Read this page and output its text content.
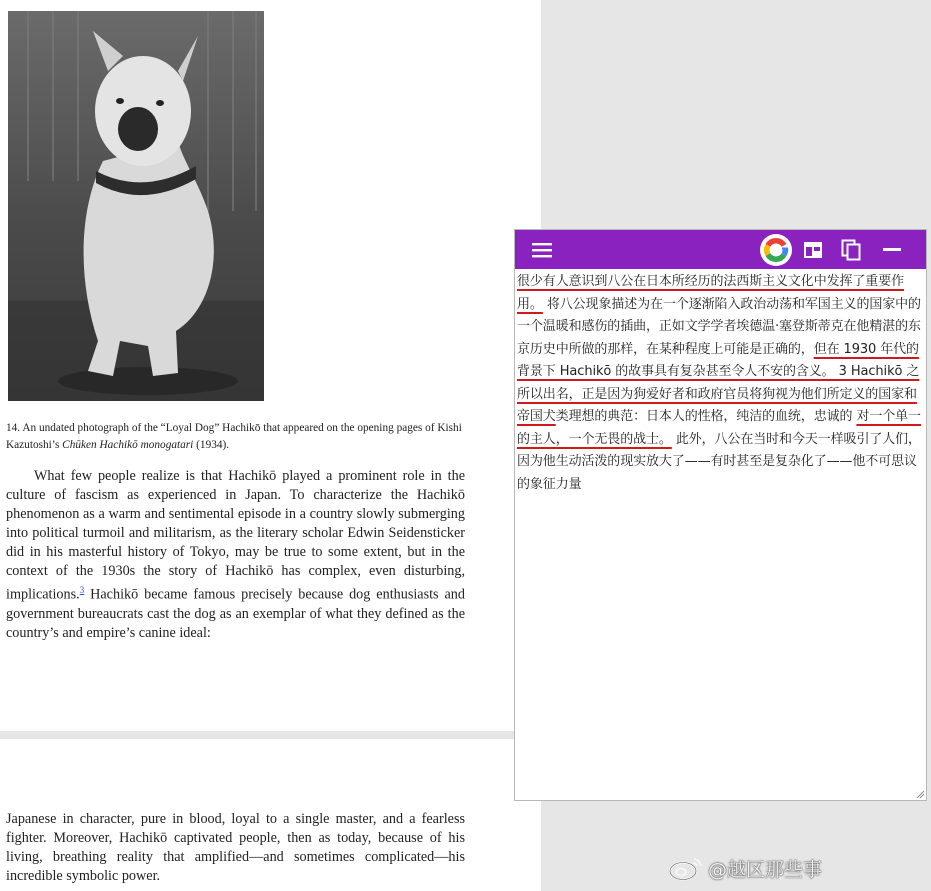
14. An undated photograph of the “Loyal Dog” Hachikō that appeared on the opening pages of Kishi Kazutoshi’s Chūken Hachikō monogatari (1934).

What few people realize is that Hachikō played a prominent role in the culture of fascism as experienced in Japan. To characterize the Hachikō phenomenon as a warm and sentimental episode in a country slowly submerging into political turmoil and militarism, as the literary scholar Edwin Seidensticker did in his masterful history of Tokyo, may be true to some extent, but in the context of the 1930s the story of Hachikō has complex, even disturbing, implications.$^3$ Hachikō became famous precisely because dog enthusiasts and government bureaucrats cast the dog as an exemplar of what they defined as the country’s and empire’s canine ideal:

Japanese in character, pure in blood, loyal to a single master, and a fearless fighter. Moreover, Hachikō captivated people, then as today, because of his living, breathing reality that amplified—and sometimes complicated—his incredible symbolic power.

很少有人意识到八公在日本所经历的法西斯主义文化中发挥了重要作用。 将八公现象描述为在一个逐渐陷入政治动荡和军国主义的国家中的一个温暖和感伤的插曲，正如文学学者埃德温·塞登斯蒂克在他精湛的东京历史中所做的那样，在某种程度上可能是正确的，但在 1930 年代的背景下 Hachikō 的故事具有复杂甚至令人不安的含义。 3 Hachikō 之所以出名，正是因为狗爱好者和政府官员将狗视为他们所定义的国家和帝国犬类理想的典范：日本人的性格，纯洁的血统，忠诚的 对一个单一的主人，一个无畏的战士。 此外，八公在当时和今天一样吸引了人们，因为他生动活泼的现实放大了——有时甚至是复杂化了——他不可思议的象征力量
@越区那些事
